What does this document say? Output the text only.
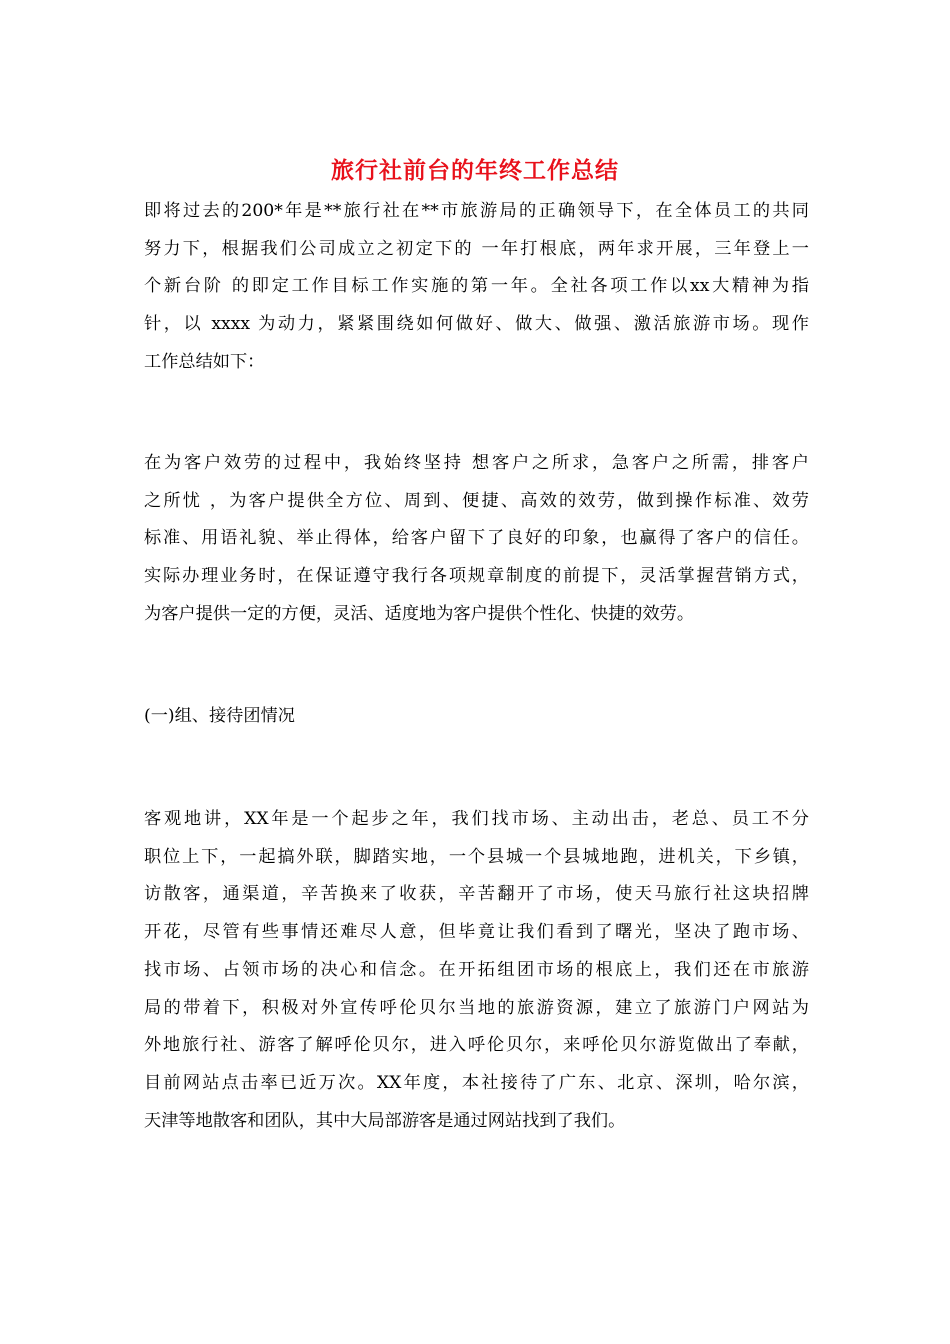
旅行社前台的年终工作总结
即将过去的200*年是**旅行社在**市旅游局的正确领导下，在全体员工的共同
努力下，根据我们公司成立之初定下的 一年打根底，两年求开展，三年登上一
个新台阶 的即定工作目标工作实施的第一年。全社各项工作以xx大精神为指
针，以 xxxx 为动力，紧紧围绕如何做好、做大、做强、激活旅游市场。现作
工作总结如下：
在为客户效劳的过程中，我始终坚持 想客户之所求，急客户之所需，排客户
之所忧 ，为客户提供全方位、周到、便捷、高效的效劳，做到操作标准、效劳
标准、用语礼貌、举止得体，给客户留下了良好的印象，也赢得了客户的信任。
实际办理业务时，在保证遵守我行各项规章制度的前提下，灵活掌握营销方式，
为客户提供一定的方便，灵活、适度地为客户提供个性化、快捷的效劳。
(一)组、接待团情况
客观地讲，XX年是一个起步之年，我们找市场、主动出击，老总、员工不分
职位上下，一起搞外联，脚踏实地，一个县城一个县城地跑，进机关，下乡镇，
访散客，通渠道，辛苦换来了收获，辛苦翻开了市场，使天马旅行社这块招牌
开花，尽管有些事情还难尽人意，但毕竟让我们看到了曙光，坚决了跑市场、
找市场、占领市场的决心和信念。在开拓组团市场的根底上，我们还在市旅游
局的带着下，积极对外宣传呼伦贝尔当地的旅游资源，建立了旅游门户网站为
外地旅行社、游客了解呼伦贝尔，进入呼伦贝尔，来呼伦贝尔游览做出了奉献，
目前网站点击率已近万次。XX年度，本社接待了广东、北京、深圳，哈尔滨，
天津等地散客和团队，其中大局部游客是通过网站找到了我们。
